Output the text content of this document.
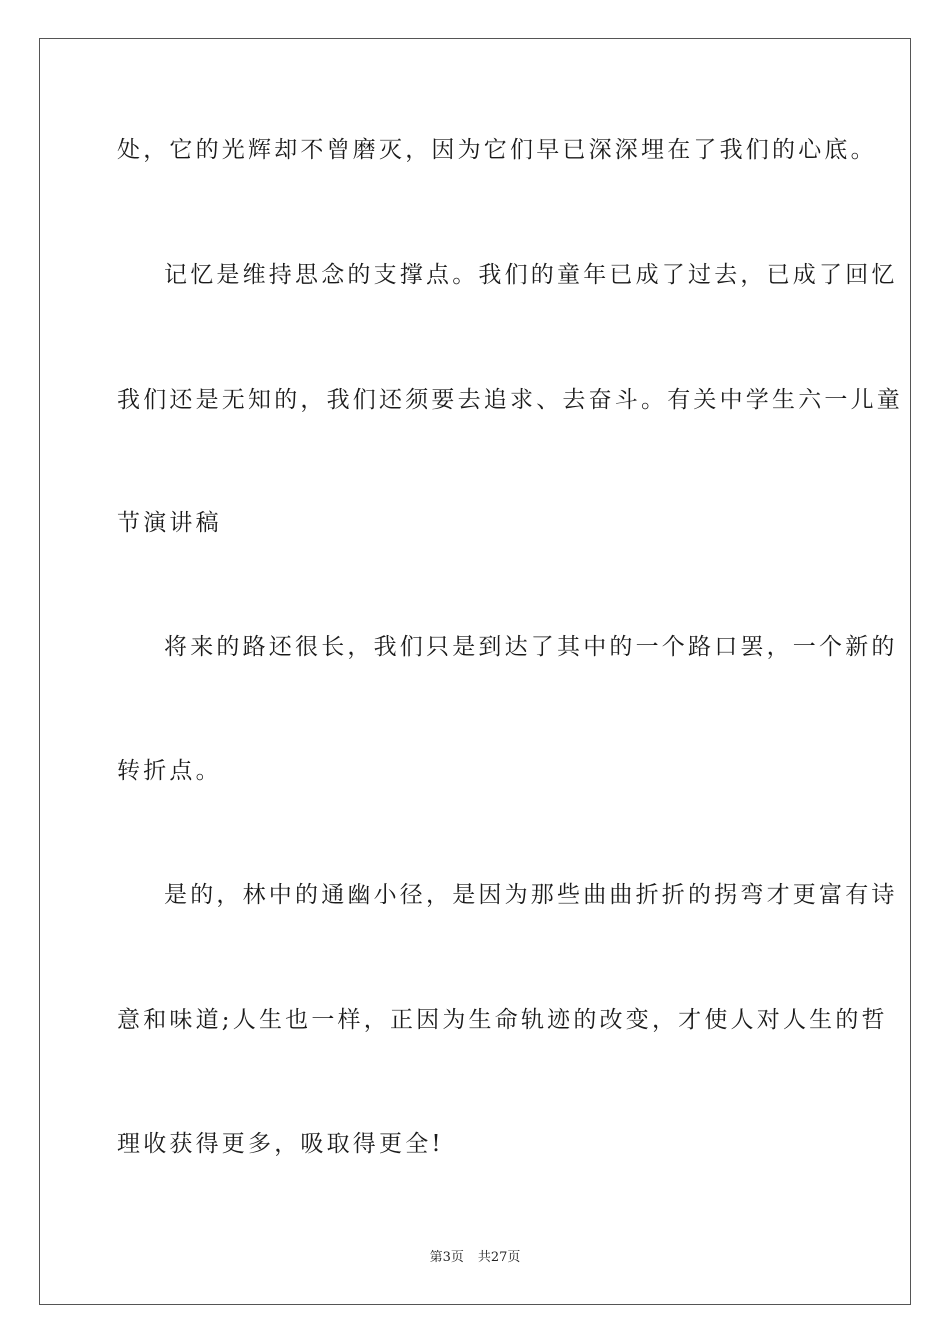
处，它的光辉却不曾磨灭，因为它们早已深深埋在了我们的心底。
记忆是维持思念的支撑点。我们的童年已成了过去，已成了回忆
我们还是无知的，我们还须要去追求、去奋斗。有关中学生六一儿童
节演讲稿
将来的路还很长，我们只是到达了其中的一个路口罢，一个新的
转折点。
是的，林中的通幽小径，是因为那些曲曲折折的拐弯才更富有诗
意和味道;人生也一样，正因为生命轨迹的改变，才使人对人生的哲
理收获得更多，吸取得更全!
第3页 共27页
